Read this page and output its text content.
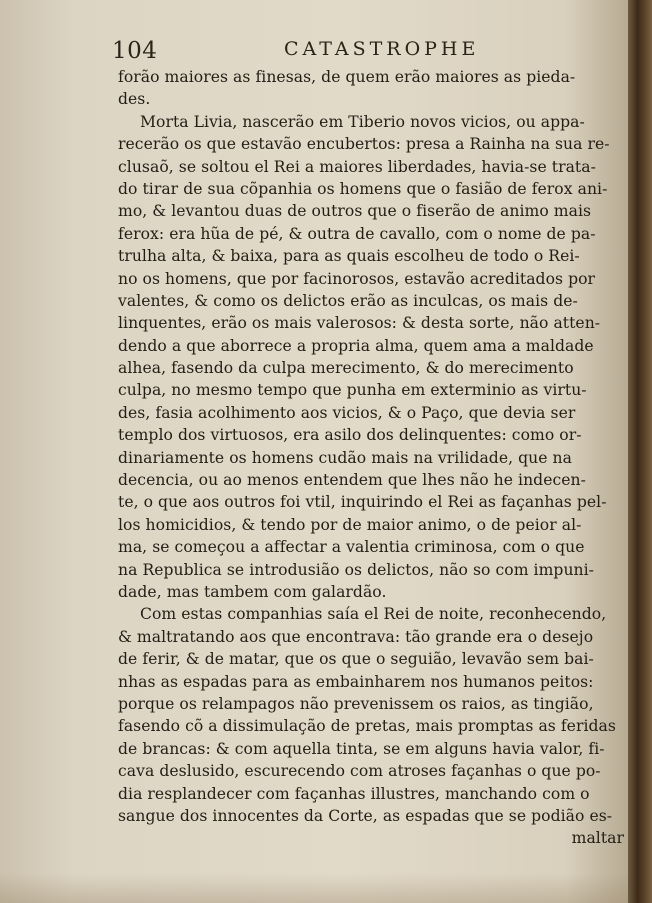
104	CATASTROPHE
forão maiores as finesas, de quem erão maiores as pieda-
des.
Morta Livia, nascerão em Tiberio novos vicios, ou appa-
recerão os que estavão encubertos: presa a Rainha na sua re-
clusaõ, se soltou el Rei a maiores liberdades, havia-se trata-
do tirar de sua cõpanhia os homens que o fasião de ferox ani-
mo, & levantou duas de outros que o fiserão de animo mais
ferox: era hũa de pé, & outra de cavallo, com o nome de pa-
trulha alta, & baixa, para as quais escolheu de todo o Rei-
no os homens, que por facinorosos, estavão acreditados por
valentes, & como os delictos erão as inculcas, os mais de-
linquentes, erão os mais valerosos: & desta sorte, não atten-
dendo a que aborrece a propria alma, quem ama a maldade
alhea, fasendo da culpa merecimento, & do merecimento
culpa, no mesmo tempo que punha em exterminio as virtu-
des, fasia acolhimento aos vicios, & o Paço, que devia ser
templo dos virtuosos, era asilo dos delinquentes: como or-
dinariamente os homens cudão mais na vrilidade, que na
decencia, ou ao menos entendem que lhes não he indecen-
te, o que aos outros foi vtil, inquirindo el Rei as façanhas pel-
los homicidios, & tendo por de maior animo, o de peior al-
ma, se começou a affectar a valentia criminosa, com o que
na Republica se introdusião os delictos, não so com impuni-
dade, mas tambem com galardão.
Com estas companhias saía el Rei de noite, reconhecendo,
& maltratando aos que encontrava: tão grande era o desejo
de ferir, & de matar, que os que o seguião, levavão sem bai-
nhas as espadas para as embainharem nos humanos peitos:
porque os relampagos não prevenissem os raios, as tingião,
fasendo cõ a dissimulação de pretas, mais promptas as feridas
de brancas: & com aquella tinta, se em alguns havia valor, fi-
cava deslusido, escurecendo com atroses façanhas o que po-
dia resplandecer com façanhas illustres, manchando com o
sangue dos innocentes da Corte, as espadas que se podião es-
maltar
